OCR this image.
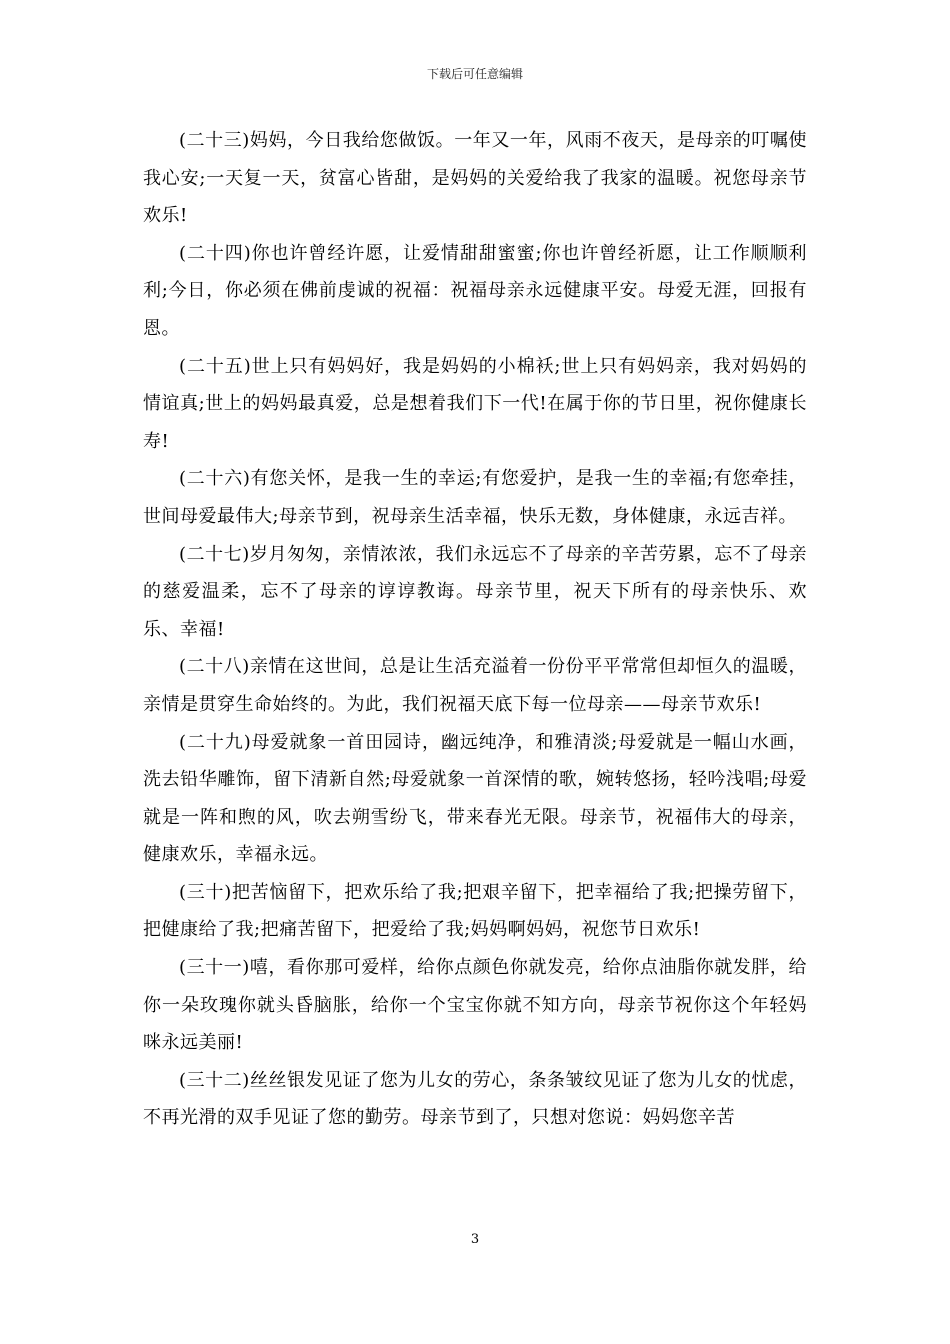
下载后可任意编辑

(二十三)妈妈，今日我给您做饭。一年又一年，风雨不夜天，是母亲的叮嘱使我心安;一天复一天，贫富心皆甜，是妈妈的关爱给我了我家的温暖。祝您母亲节欢乐!

(二十四)你也许曾经许愿，让爱情甜甜蜜蜜;你也许曾经祈愿，让工作顺顺利利;今日，你必须在佛前虔诚的祝福：祝福母亲永远健康平安。母爱无涯，回报有恩。

(二十五)世上只有妈妈好，我是妈妈的小棉袄;世上只有妈妈亲，我对妈妈的情谊真;世上的妈妈最真爱，总是想着我们下一代!在属于你的节日里，祝你健康长寿!

(二十六)有您关怀，是我一生的幸运;有您爱护，是我一生的幸福;有您牵挂，世间母爱最伟大;母亲节到，祝母亲生活幸福，快乐无数，身体健康，永远吉祥。

(二十七)岁月匆匆，亲情浓浓，我们永远忘不了母亲的辛苦劳累，忘不了母亲的慈爱温柔，忘不了母亲的谆谆教诲。母亲节里，祝天下所有的母亲快乐、欢乐、幸福!

(二十八)亲情在这世间，总是让生活充溢着一份份平平常常但却恒久的温暖，亲情是贯穿生命始终的。为此，我们祝福天底下每一位母亲——母亲节欢乐!

(二十九)母爱就象一首田园诗，幽远纯净，和雅清淡;母爱就是一幅山水画，洗去铅华雕饰，留下清新自然;母爱就象一首深情的歌，婉转悠扬，轻吟浅唱;母爱就是一阵和煦的风，吹去朔雪纷飞，带来春光无限。母亲节，祝福伟大的母亲，健康欢乐，幸福永远。

(三十)把苦恼留下，把欢乐给了我;把艰辛留下，把幸福给了我;把操劳留下，把健康给了我;把痛苦留下，把爱给了我;妈妈啊妈妈，祝您节日欢乐!

(三十一)嘻，看你那可爱样，给你点颜色你就发亮，给你点油脂你就发胖，给你一朵玫瑰你就头昏脑胀，给你一个宝宝你就不知方向，母亲节祝你这个年轻妈咪永远美丽!

(三十二)丝丝银发见证了您为儿女的劳心，条条皱纹见证了您为儿女的忧虑，不再光滑的双手见证了您的勤劳。母亲节到了，只想对您说：妈妈您辛苦

3
